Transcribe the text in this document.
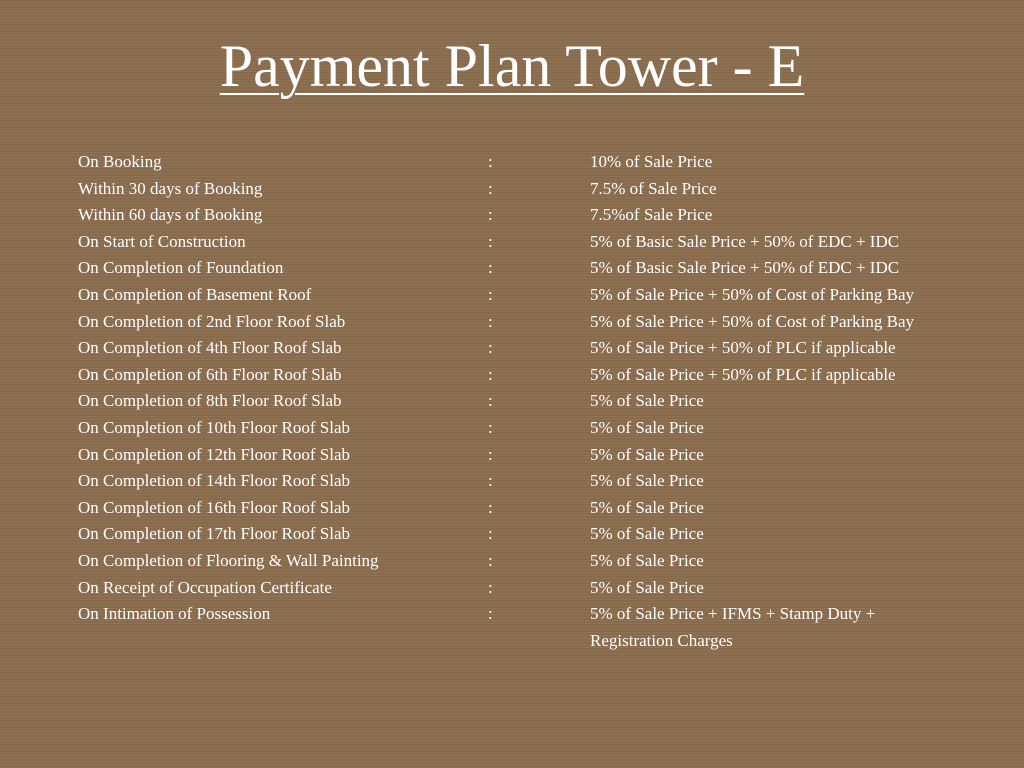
Payment Plan Tower - E
On Booking	:	10% of Sale Price
Within 30 days of Booking	:	7.5% of Sale Price
Within 60 days of Booking	:	7.5%of Sale Price
On Start of Construction	:	5% of Basic Sale Price + 50% of EDC + IDC
On Completion of Foundation	:	5% of Basic Sale Price + 50% of EDC + IDC
On Completion of Basement Roof	:	5% of Sale Price + 50% of Cost of Parking Bay
On Completion of 2nd Floor Roof Slab	:	5% of Sale Price + 50% of Cost of Parking Bay
On Completion of 4th Floor Roof Slab	:	5% of Sale Price + 50% of PLC if applicable
On Completion of 6th Floor Roof Slab	:	5% of Sale Price + 50% of PLC if applicable
On Completion of 8th Floor Roof Slab	:	5% of Sale Price
On Completion of 10th Floor Roof Slab	:	5% of Sale Price
On Completion of 12th Floor Roof Slab	:	5% of Sale Price
On Completion of 14th Floor Roof Slab	:	5% of Sale Price
On Completion of 16th Floor Roof Slab	:	5% of Sale Price
On Completion of 17th Floor Roof Slab	:	5% of Sale Price
On Completion of Flooring & Wall Painting	:	5% of Sale Price
On Receipt of Occupation Certificate	:	5% of Sale Price
On Intimation of Possession	:	5% of Sale Price + IFMS + Stamp Duty + Registration Charges
